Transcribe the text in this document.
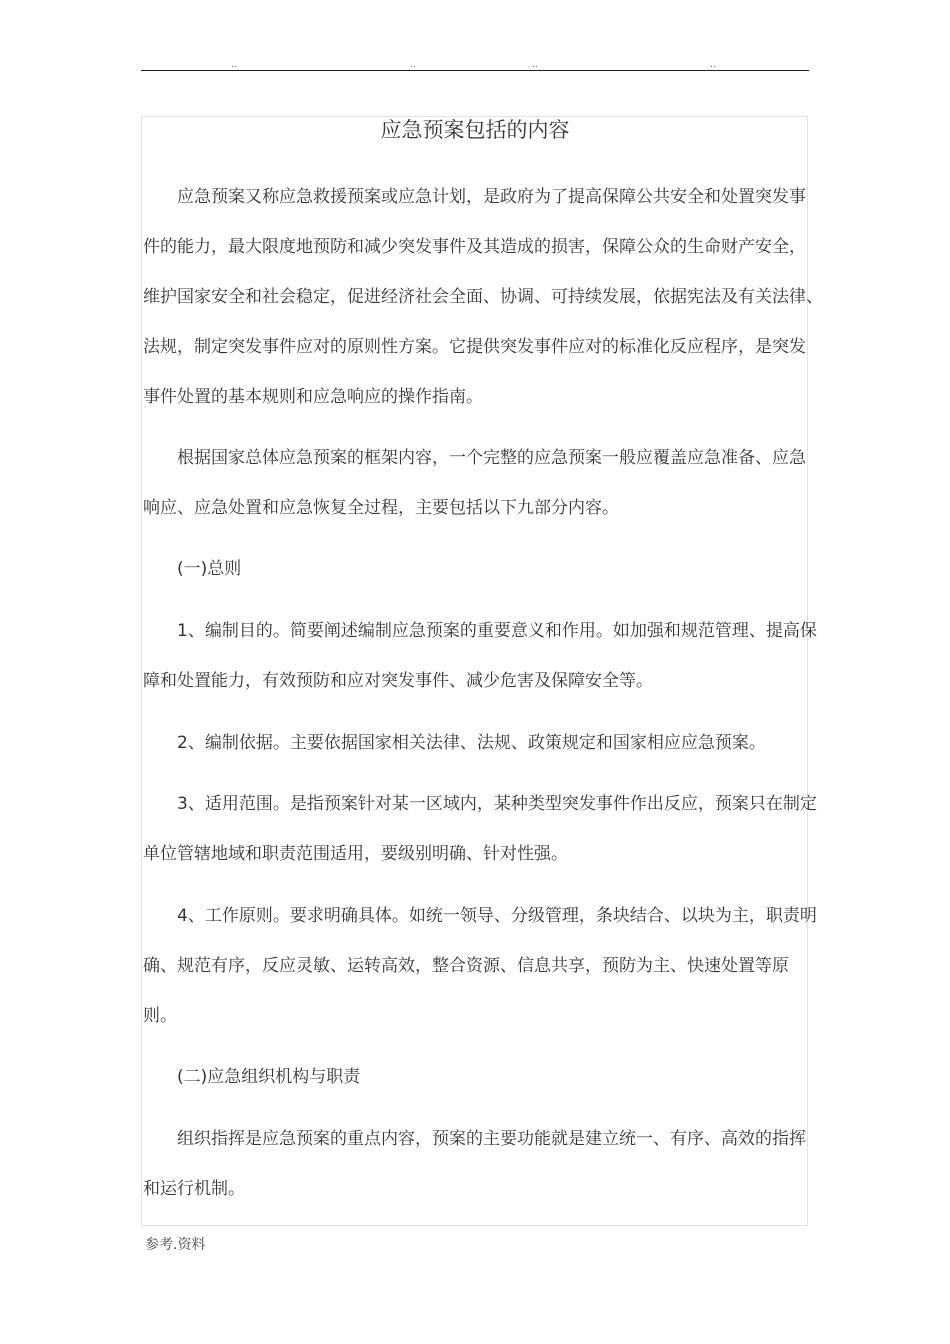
..	..	..	..
应急预案包括的内容
应急预案又称应急救援预案或应急计划，是政府为了提高保障公共安全和处置突发事
件的能力，最大限度地预防和减少突发事件及其造成的损害，保障公众的生命财产安全，
维护国家安全和社会稳定，促进经济社会全面、协调、可持续发展，依据宪法及有关法律、
法规，制定突发事件应对的原则性方案。它提供突发事件应对的标准化反应程序，是突发
事件处置的基本规则和应急响应的操作指南。
根据国家总体应急预案的框架内容，一个完整的应急预案一般应覆盖应急准备、应急
响应、应急处置和应急恢复全过程，主要包括以下九部分内容。
(一)总则
1、编制目的。简要阐述编制应急预案的重要意义和作用。如加强和规范管理、提高保
障和处置能力，有效预防和应对突发事件、减少危害及保障安全等。
2、编制依据。主要依据国家相关法律、法规、政策规定和国家相应应急预案。
3、适用范围。是指预案针对某一区域内，某种类型突发事件作出反应，预案只在制定
单位管辖地域和职责范围适用，要级别明确、针对性强。
4、工作原则。要求明确具体。如统一领导、分级管理，条块结合、以块为主，职责明
确、规范有序，反应灵敏、运转高效，整合资源、信息共享，预防为主、快速处置等原
则。
(二)应急组织机构与职责
组织指挥是应急预案的重点内容，预案的主要功能就是建立统一、有序、高效的指挥
和运行机制。
参考.资料
